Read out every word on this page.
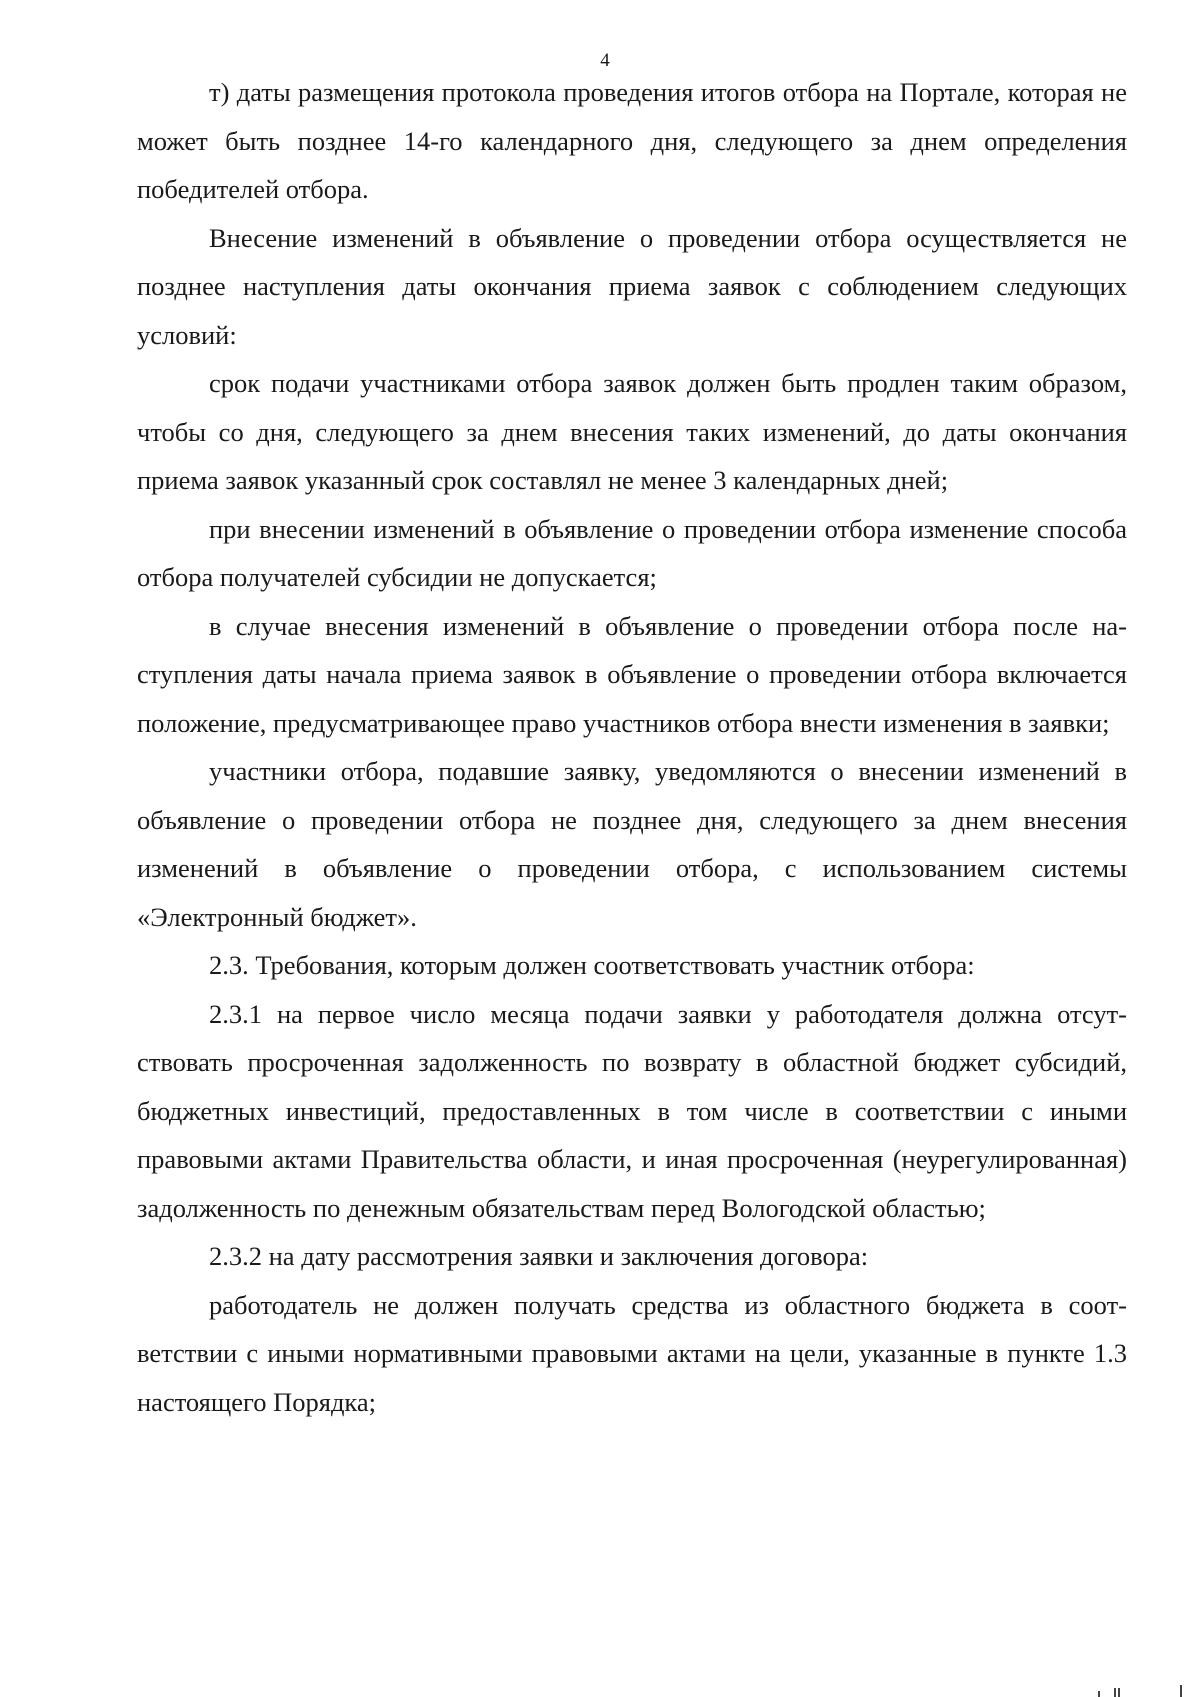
4

т) даты размещения протокола проведения итогов отбора на Портале, которая не может быть позднее 14-го календарного дня, следующего за днем определения победителей отбора.

Внесение изменений в объявление о проведении отбора осуществляется не позднее наступления даты окончания приема заявок с соблюдением следующих условий:

срок подачи участниками отбора заявок должен быть продлен таким образом, чтобы со дня, следующего за днем внесения таких изменений, до даты окончания приема заявок указанный срок составлял не менее 3 календарных дней;

при внесении изменений в объявление о проведении отбора изменение способа отбора получателей субсидии не допускается;

в случае внесения изменений в объявление о проведении отбора после наступления даты начала приема заявок в объявление о проведении отбора включается положение, предусматривающее право участников отбора внести изменения в заявки;

участники отбора, подавшие заявку, уведомляются о внесении изменений в объявление о проведении отбора не позднее дня, следующего за днем внесения изменений в объявление о проведении отбора, с использованием системы «Электронный бюджет».

2.3. Требования, которым должен соответствовать участник отбора:

2.3.1 на первое число месяца подачи заявки у работодателя должна отсутствовать просроченная задолженность по возврату в областной бюджет субсидий, бюджетных инвестиций, предоставленных в том числе в соответствии с иными правовыми актами Правительства области, и иная просроченная (неурегулированная) задолженность по денежным обязательствам перед Вологодской областью;

2.3.2 на дату рассмотрения заявки и заключения договора:

работодатель не должен получать средства из областного бюджета в соответствии с иными нормативными правовыми актами на цели, указанные в пункте 1.3 настоящего Порядка;
